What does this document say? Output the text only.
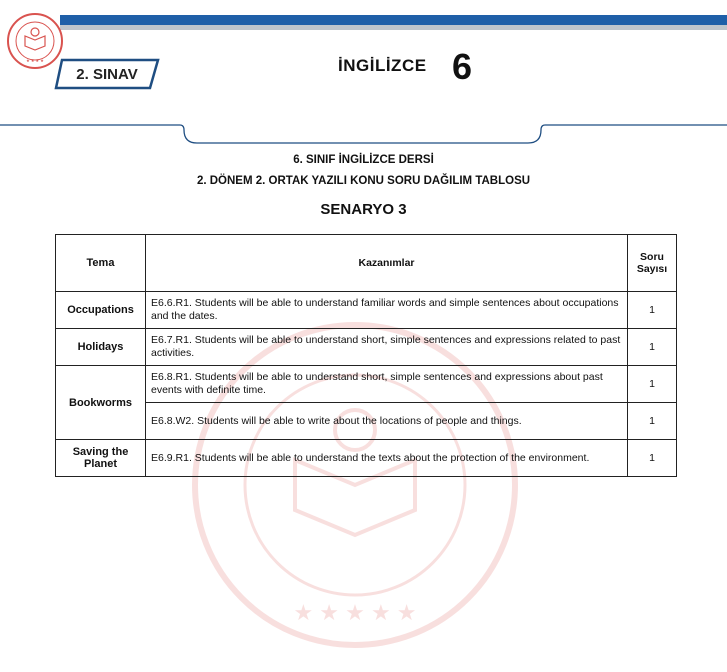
★ ★ ★ ★
2. SINAV	İNGİLİZCE 6
6. SINIF İNGİLİZCE DERSİ
2. DÖNEM 2. ORTAK YAZILI KONU SORU DAĞILIM TABLOSU
SENARYO 3
★ ★ ★ ★ ★
Tema	Kazanımlar	Soru Sayısı
Occupations	E6.6.R1. Students will be able to understand familiar words and simple sentences about occupations and the dates.	1
Holidays	E6.7.R1. Students will be able to understand short, simple sentences and expressions related to past activities.	1
Bookworms	E6.8.R1. Students will be able to understand short, simple sentences and expressions about past events with definite time.	1
	E6.8.W2. Students will be able to write about the locations of people and things.	1
Saving the Planet	E6.9.R1. Students will be able to understand the texts about the protection of the environment.	1
